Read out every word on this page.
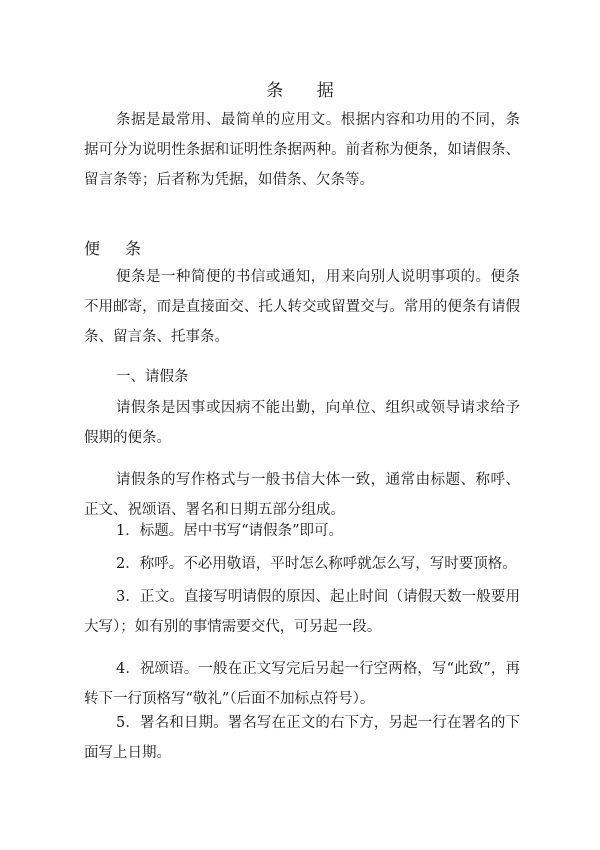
条 据

条据是最常用、最简单的应用文。根据内容和功用的不同，条据可分为说明性条据和证明性条据两种。前者称为便条，如请假条、留言条等；后者称为凭据，如借条、欠条等。

便 条

便条是一种简便的书信或通知，用来向别人说明事项的。便条不用邮寄，而是直接面交、托人转交或留置交与。常用的便条有请假条、留言条、托事条。

一、请假条

请假条是因事或因病不能出勤，向单位、组织或领导请求给予假期的便条。

请假条的写作格式与一般书信大体一致，通常由标题、称呼、正文、祝颂语、署名和日期五部分组成。

1．标题。居中书写“请假条”即可。

2．称呼。不必用敬语，平时怎么称呼就怎么写，写时要顶格。

3．正文。直接写明请假的原因、起止时间（请假天数一般要用大写）；如有别的事情需要交代，可另起一段。

4．祝颂语。一般在正文写完后另起一行空两格，写“此致”，再转下一行顶格写“敬礼”（后面不加标点符号）。

5．署名和日期。署名写在正文的右下方，另起一行在署名的下面写上日期。
